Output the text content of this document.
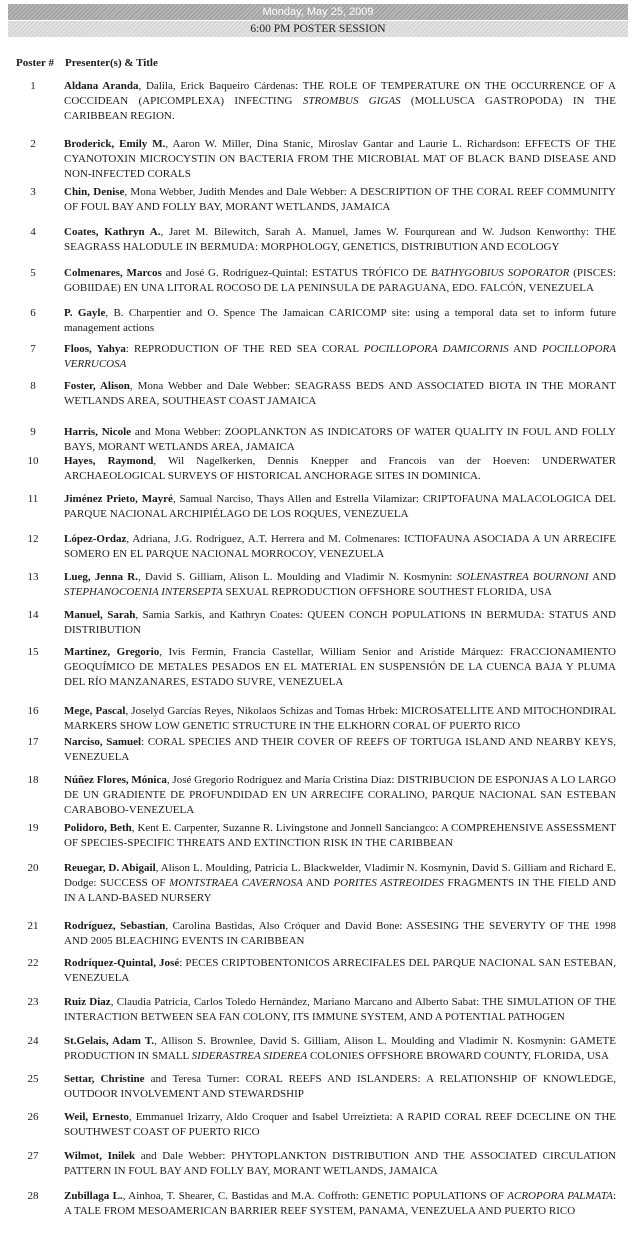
Monday, May 25, 2009
6:00 PM POSTER SESSION
Poster # Presenter(s) & Title
1	Aldana Aranda, Dalila, Erick Baqueiro Cárdenas: THE ROLE OF TEMPERATURE ON THE OCCURRENCE OF A COCCIDEAN (APICOMPLEXA) INFECTING STROMBUS GIGAS (MOLLUSCA GASTROPODA) IN THE CARIBBEAN REGION.
2	Broderick, Emily M., Aaron W. Miller, Dina Stanic, Miroslav Gantar and Laurie L. Richardson: EFFECTS OF THE CYANOTOXIN MICROCYSTIN ON BACTERIA FROM THE MICROBIAL MAT OF BLACK BAND DISEASE AND NON-INFECTED CORALS
3	Chin, Denise, Mona Webber, Judith Mendes and Dale Webber: A DESCRIPTION OF THE CORAL REEF COMMUNITY OF FOUL BAY AND FOLLY BAY, MORANT WETLANDS, JAMAICA
4	Coates, Kathryn A., Jaret M. Bilewitch, Sarah A. Manuel, James W. Fourqurean and W. Judson Kenworthy: THE SEAGRASS HALODULE IN BERMUDA: MORPHOLOGY, GENETICS, DISTRIBUTION AND ECOLOGY
5	Colmenares, Marcos and José G. Rodríguez-Quintal: ESTATUS TRÓFICO DE BATHYGOBIUS SOPORATOR (PISCES: GOBIIDAE) EN UNA LITORAL ROCOSO DE LA PENINSULA DE PARAGUANA, EDO. FALCÓN, VENEZUELA
6	P. Gayle, B. Charpentier and O. Spence The Jamaican CARICOMP site: using a temporal data set to inform future management actions
7	Floos, Yahya: REPRODUCTION OF THE RED SEA CORAL POCILLOPORA DAMICORNIS AND POCILLOPORA VERRUCOSA
8	Foster, Alison, Mona Webber and Dale Webber: SEAGRASS BEDS AND ASSOCIATED BIOTA IN THE MORANT WETLANDS AREA, SOUTHEAST COAST JAMAICA
9	Harris, Nicole and Mona Webber: ZOOPLANKTON AS INDICATORS OF WATER QUALITY IN FOUL AND FOLLY BAYS, MORANT WETLANDS AREA, JAMAICA
10	Hayes, Raymond, Wil Nagelkerken, Dennis Knepper and Francois van der Hoeven: UNDERWATER ARCHAEOLOGICAL SURVEYS OF HISTORICAL ANCHORAGE SITES IN DOMINICA.
11	Jiménez Prieto, Mayré, Samual Narciso, Thays Allen and Estrella Vilamizar: CRIPTOFAUNA MALACOLOGICA DEL PARQUE NACIONAL ARCHIPIÉLAGO DE LOS ROQUES, VENEZUELA
12	López-Ordaz, Adriana, J.G. Rodriguez, A.T. Herrera and M. Colmenares: ICTIOFAUNA ASOCIADA A UN ARRECIFE SOMERO EN EL PARQUE NACIONAL MORROCOY, VENEZUELA
13	Lueg, Jenna R., David S. Gilliam, Alison L. Moulding and Vladimir N. Kosmynin: SOLENASTREA BOURNONI AND STEPHANOCOENIA INTERSEPTA SEXUAL REPRODUCTION OFFSHORE SOUTHEST FLORIDA, USA
14	Manuel, Sarah, Samia Sarkis, and Kathryn Coates: QUEEN CONCH POPULATIONS IN BERMUDA: STATUS AND DISTRIBUTION
15	Martinez, Gregorio, Ivis Fermín, Francia Castellar, William Senior and Arístide Márquez: FRACCIONAMIENTO GEOQUÍMICO DE METALES PESADOS EN EL MATERIAL EN SUSPENSIÓN DE LA CUENCA BAJA Y PLUMA DEL RÍO MANZANARES, ESTADO SUVRE, VENEZUELA
16	Mege, Pascal, Joselyd Garcías Reyes, Nikolaos Schizas and Tomas Hrbek: MICROSATELLITE AND MITOCHONDIRAL MARKERS SHOW LOW GENETIC STRUCTURE IN THE ELKHORN CORAL OF PUERTO RICO
17	Narciso, Samuel: CORAL SPECIES AND THEIR COVER OF REEFS OF TORTUGA ISLAND AND NEARBY KEYS, VENEZUELA
18	Núñez Flores, Mónica, José Gregorio Rodríguez and María Cristina Díaz: DISTRIBUCION DE ESPONJAS A LO LARGO DE UN GRADIENTE DE PROFUNDIDAD EN UN ARRECIFE CORALINO, PARQUE NACIONAL SAN ESTEBAN CARABOBO-VENEZUELA
19	Polidoro, Beth, Kent E. Carpenter, Suzanne R. Livingstone and Jonnell Sanciangco: A COMPREHENSIVE ASSESSMENT OF SPECIES-SPECIFIC THREATS AND EXTINCTION RISK IN THE CARIBBEAN
20	Reuegar, D. Abigail, Alison L. Moulding, Patricia L. Blackwelder, Vladimir N. Kosmynin, David S. Gilliam and Richard E. Dodge: SUCCESS OF MONTSTRAEA CAVERNOSA AND PORITES ASTREOIDES FRAGMENTS IN THE FIELD AND IN A LAND-BASED NURSERY
21	Rodríguez, Sebastian, Carolina Bastidas, Also Cróquer and David Bone: ASSESING THE SEVERYTY OF THE 1998 AND 2005 BLEACHING EVENTS IN CARIBBEAN
22	Rodríquez-Quintal, José: PECES CRIPTOBENTONICOS ARRECIFALES DEL PARQUE NACIONAL SAN ESTEBAN, VENEZUELA
23	Ruiz Diaz, Claudia Patricia, Carlos Toledo Hernández, Mariano Marcano and Alberto Sabat: THE SIMULATION OF THE INTERACTION BETWEEN SEA FAN COLONY, ITS IMMUNE SYSTEM, AND A POTENTIAL PATHOGEN
24	St.Gelais, Adam T., Allison S. Brownlee, David S. Gilliam, Alison L. Moulding and Vladimir N. Kosmynin: GAMETE PRODUCTION IN SMALL SIDERASTREA SIDEREA COLONIES OFFSHORE BROWARD COUNTY, FLORIDA, USA
25	Settar, Christine and Teresa Turner: CORAL REEFS AND ISLANDERS: A RELATIONSHIP OF KNOWLEDGE, OUTDOOR INVOLVEMENT AND STEWARDSHIP
26	Weil, Ernesto, Emmanuel Irizarry, Aldo Croquer and Isabel Urreiztieta: A RAPID CORAL REEF DCECLINE ON THE SOUTHWEST COAST OF PUERTO RICO
27	Wilmot, Inilek and Dale Webber: PHYTOPLANKTON DISTRIBUTION AND THE ASSOCIATED CIRCULATION PATTERN IN FOUL BAY AND FOLLY BAY, MORANT WETLANDS, JAMAICA
28	Zubillaga L., Ainhoa, T. Shearer, C. Bastidas and M.A. Coffroth: GENETIC POPULATIONS OF ACROPORA PALMATA: A TALE FROM MESOAMERICAN BARRIER REEF SYSTEM, PANAMA, VENEZUELA AND PUERTO RICO
